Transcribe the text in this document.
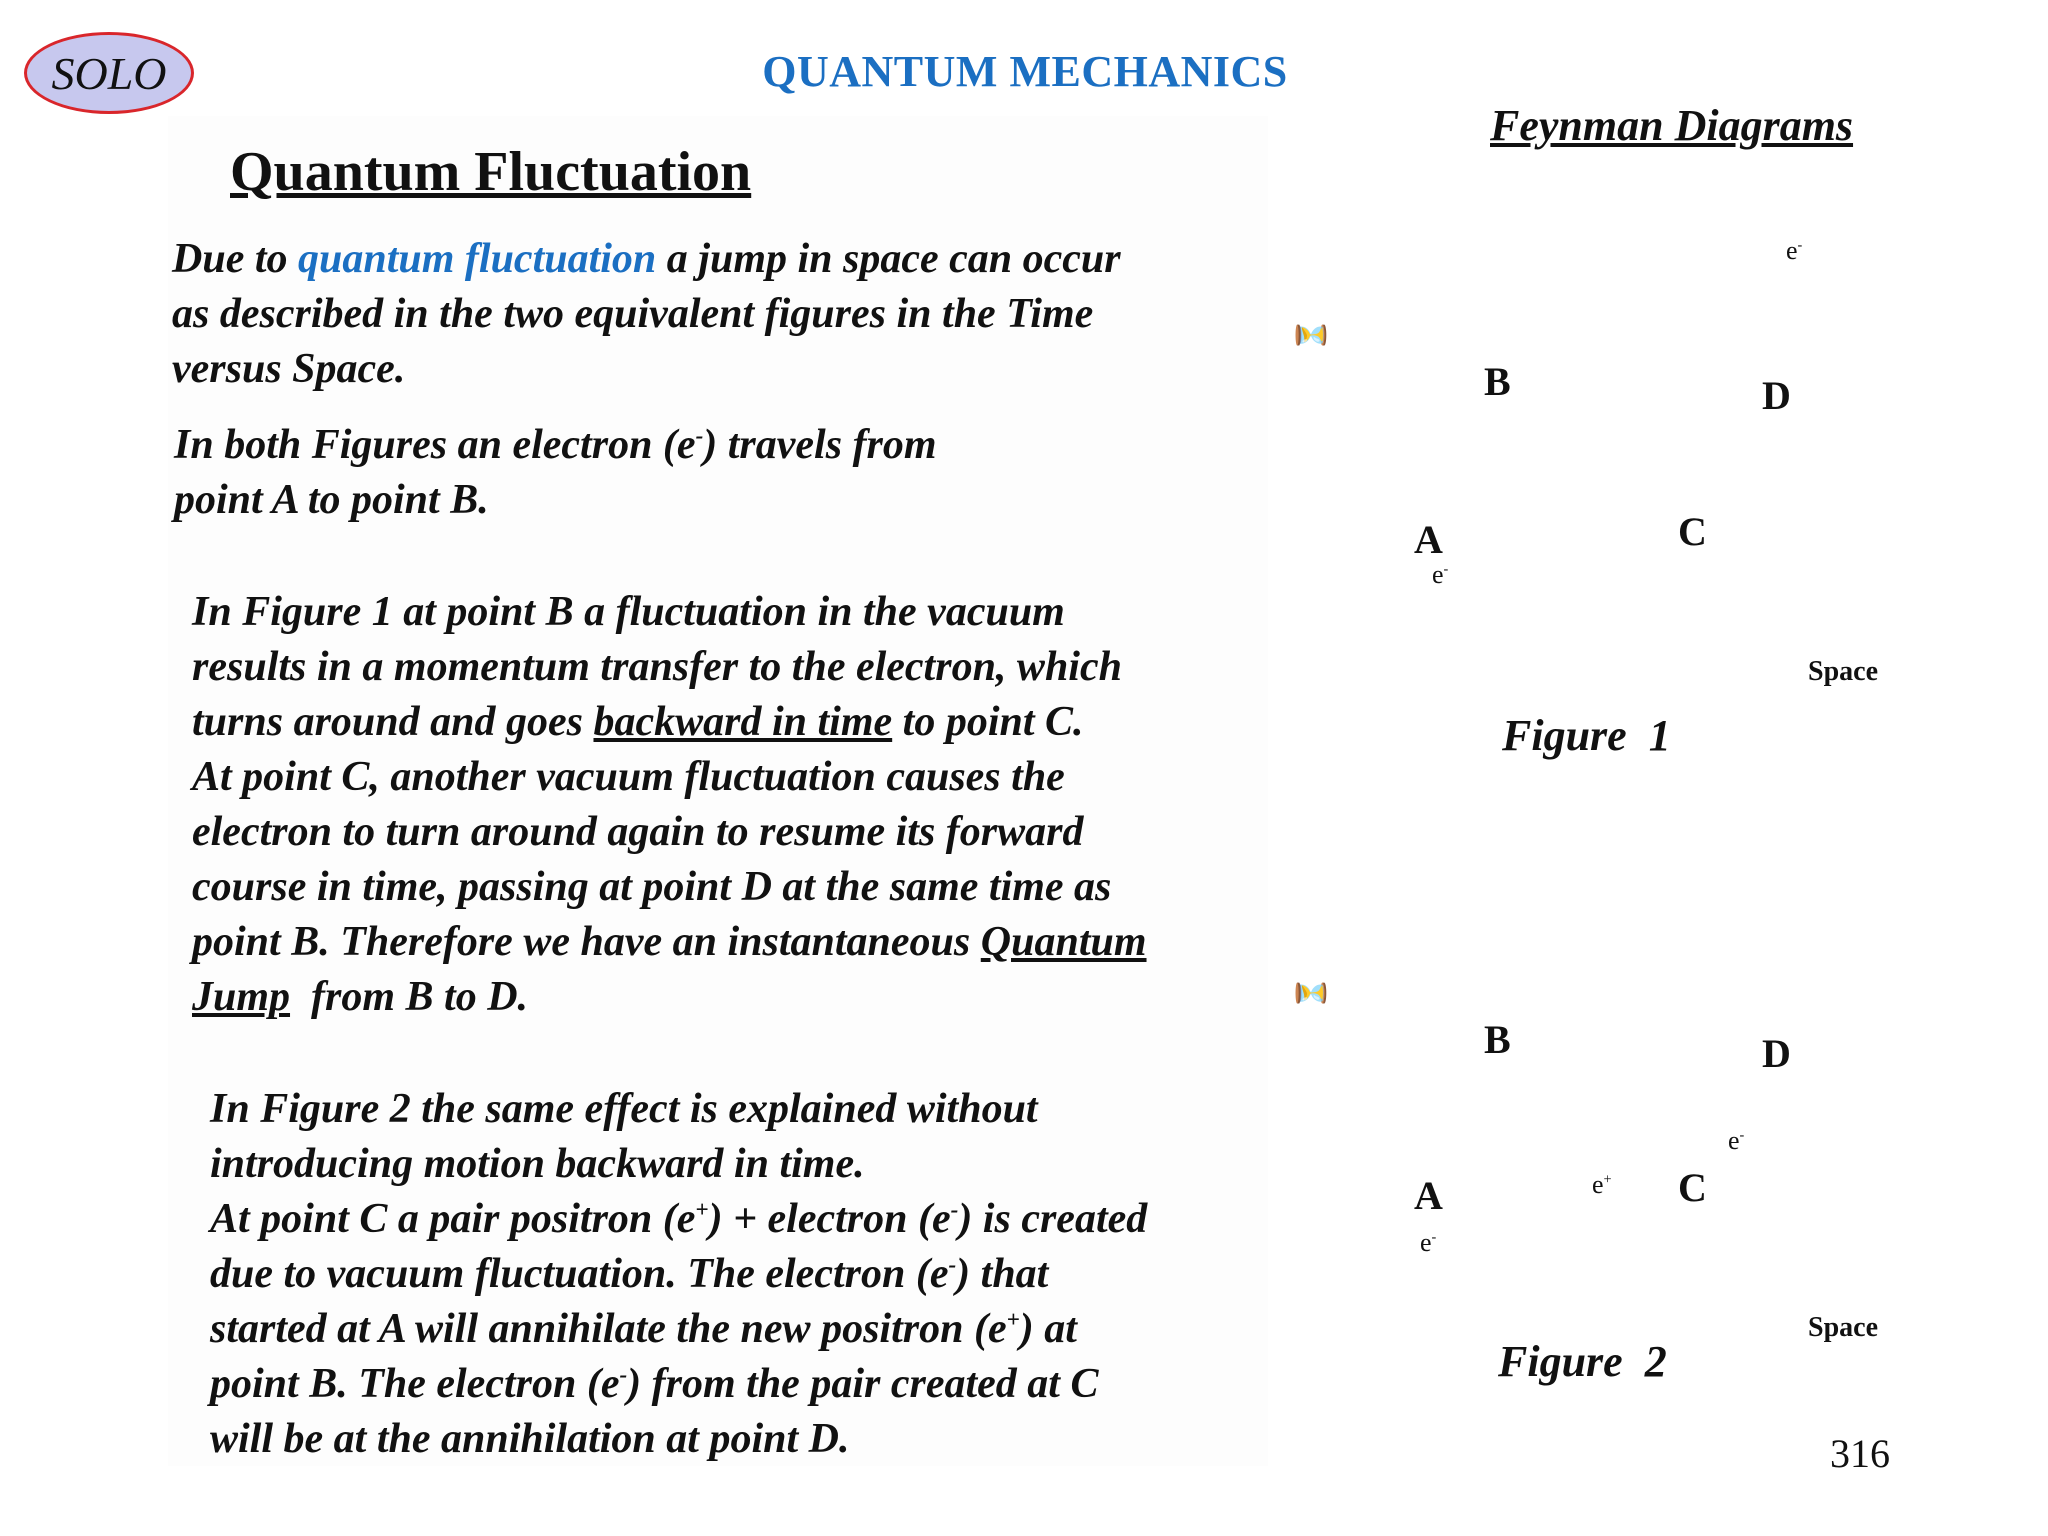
SOLO	QUANTUM MECHANICS
Quantum Fluctuation
Feynman Diagrams
Due to quantum fluctuation a jump in space can occur
as described in the two equivalent figures in the Time
versus Space.
In both Figures an electron (e-) travels from
point A to point B.
In Figure 1 at point B a fluctuation in the vacuum
results in a momentum transfer to the electron, which
turns around and goes backward in time to point C.
At point C, another vacuum fluctuation causes the
electron to turn around again to resume its forward
course in time, passing at point D at the same time as
point B. Therefore we have an instantaneous Quantum
Jump  from B to D.
In Figure 2 the same effect is explained without
introducing motion backward in time.
At point C a pair positron (e+) + electron (e-) is created
due to vacuum fluctuation. The electron (e-) that
started at A will annihilate the new positron (e+) at
point B. The electron (e-) from the pair created at C
will be at the annihilation at point D.
⏳
e-
B	D
A	C
e-
Space
Figure  1
⏳
B	D
e-
e+
A	C
e-
Space
Figure  2
316
